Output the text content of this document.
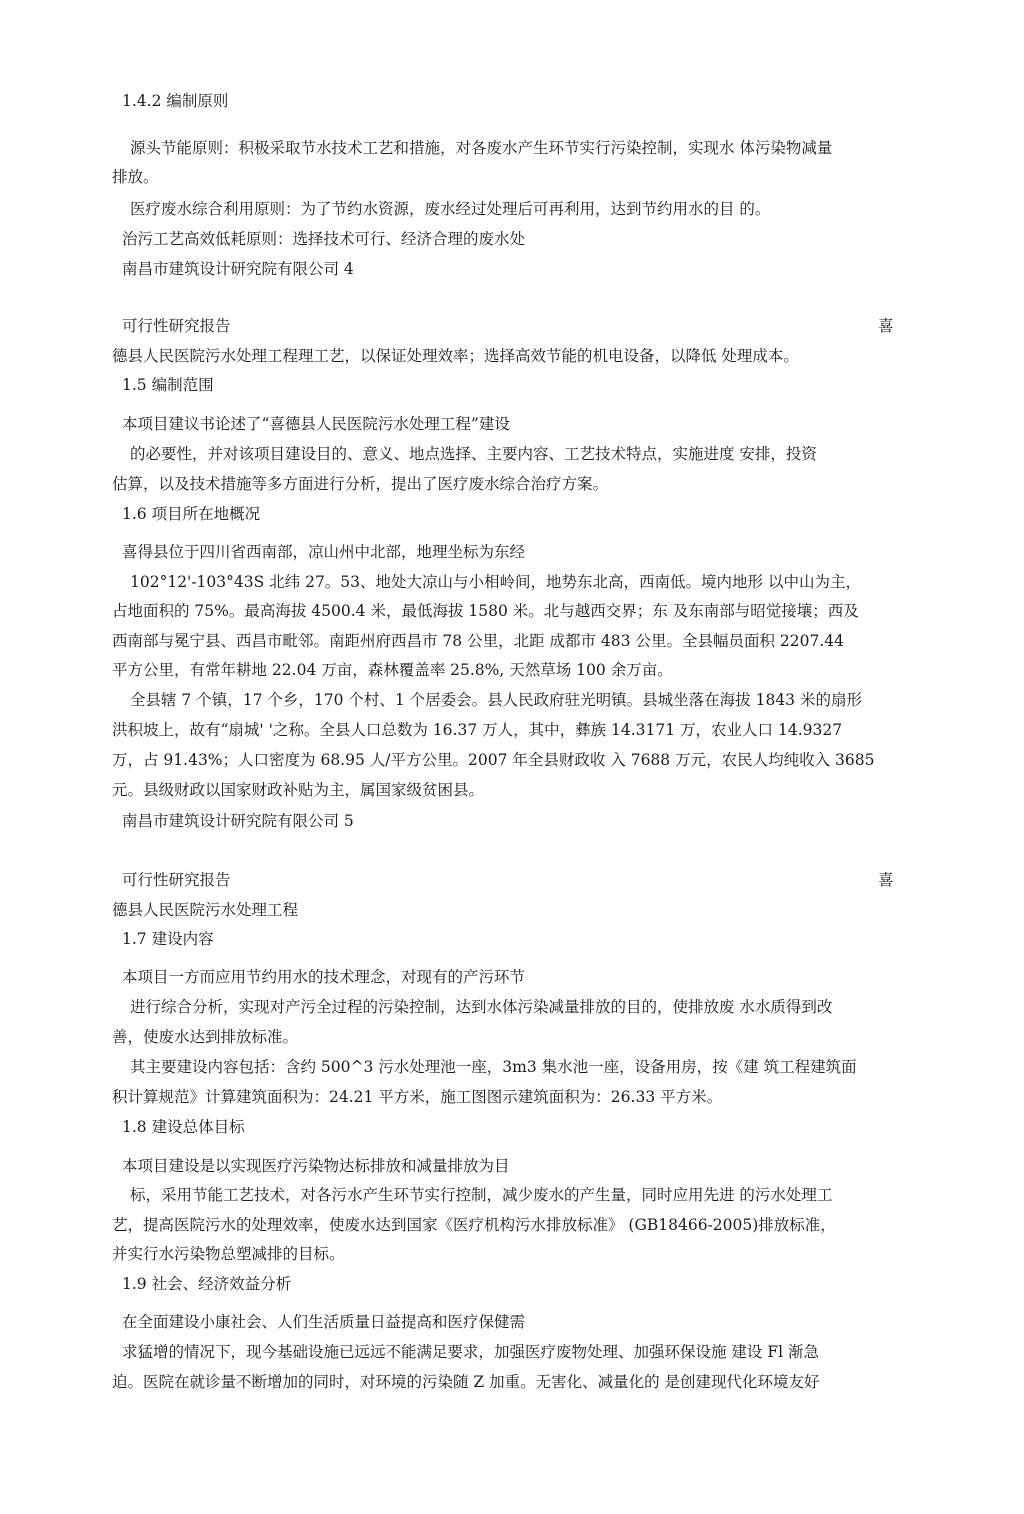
1.4.2 编制原则
源头节能原则：积极采取节水技术工艺和措施，对各废水产生环节实行污染控制，实现水 体污染物减量
排放。
医疗废水综合利用原则：为了节约水资源，废水经过处理后可再利用，达到节约用水的目 的。
治污工艺高效低耗原则：选择技术可行、经济合理的废水处
南昌市建筑设计研究院有限公司 4
可行性研究报告	喜
德县人民医院污水处理工程理工艺，以保证处理效率；选择高效节能的机电设备，以降低 处理成本。
1.5 编制范围
本项目建议书论述了“喜德县人民医院污水处理工程”建设
的必要性，并对该项目建设目的、意义、地点选择、主要内容、工艺技术特点，实施进度 安排，投资
估算，以及技术措施等多方面进行分析，提出了医疗废水综合治疗方案。
1.6 项目所在地概况
喜得县位于四川省西南部，凉山州中北部，地理坐标为东经
102°12'-103°43S 北纬 27。53、地处大凉山与小相岭间，地势东北高，西南低。境内地形 以中山为主，
占地面积的 75%。最高海拔 4500.4 米，最低海拔 1580 米。北与越西交界；东 及东南部与昭觉接壤；西及
西南部与冕宁县、西昌市毗邻。南距州府西昌市 78 公里，北距 成都市 483 公里。全县幅员面积 2207.44
平方公里，有常年耕地 22.04 万亩，森林覆盖率 25.8%, 天然草场 100 余万亩。
全县辖 7 个镇，17 个乡，170 个村、1 个居委会。县人民政府驻光明镇。县城坐落在海拔 1843 米的扇形
洪积坡上，故有“扇城' '之称。全县人口总数为 16.37 万人，其中，彝族 14.3171 万，农业人口 14.9327
万，占 91.43%；人口密度为 68.95 人/平方公里。2007 年全县财政收 入 7688 万元，农民人均纯收入 3685
元。县级财政以国家财政补贴为主，属国家级贫困县。
南昌市建筑设计研究院有限公司 5
可行性研究报告	喜
德县人民医院污水处理工程
1.7 建设内容
本项目一方而应用节约用水的技术理念，对现有的产污环节
进行综合分析，实现对产污全过程的污染控制，达到水体污染减量排放的目的，使排放废 水水质得到改
善，使废水达到排放标准。
其主要建设内容包括：含约 500^3 污水处理池一座，3m3 集水池一座，设备用房，按《建 筑工程建筑面
积计算规范》计算建筑面积为：24.21 平方米，施工图图示建筑面积为：26.33 平方米。
1.8 建设总体目标
本项目建设是以实现医疗污染物达标排放和减量排放为目
标，采用节能工艺技术，对各污水产生环节实行控制，减少废水的产生量，同时应用先进 的污水处理工
艺，提高医院污水的处理效率，使废水达到国家《医疗机构污水排放标准》 (GB18466-2005)排放标准，
并实行水污染物总塑减排的目标。
1.9 社会、经济效益分析
在全面建设小康社会、人们生活质量日益提高和医疗保健需
求猛增的情况下，现今基础设施已远远不能满足要求，加强医疗废物处理、加强环保设施 建设 Fl 渐急
迫。医院在就诊量不断增加的同时，对环境的污染随 Z 加重。无害化、减量化的 是创建现代化环境友好
